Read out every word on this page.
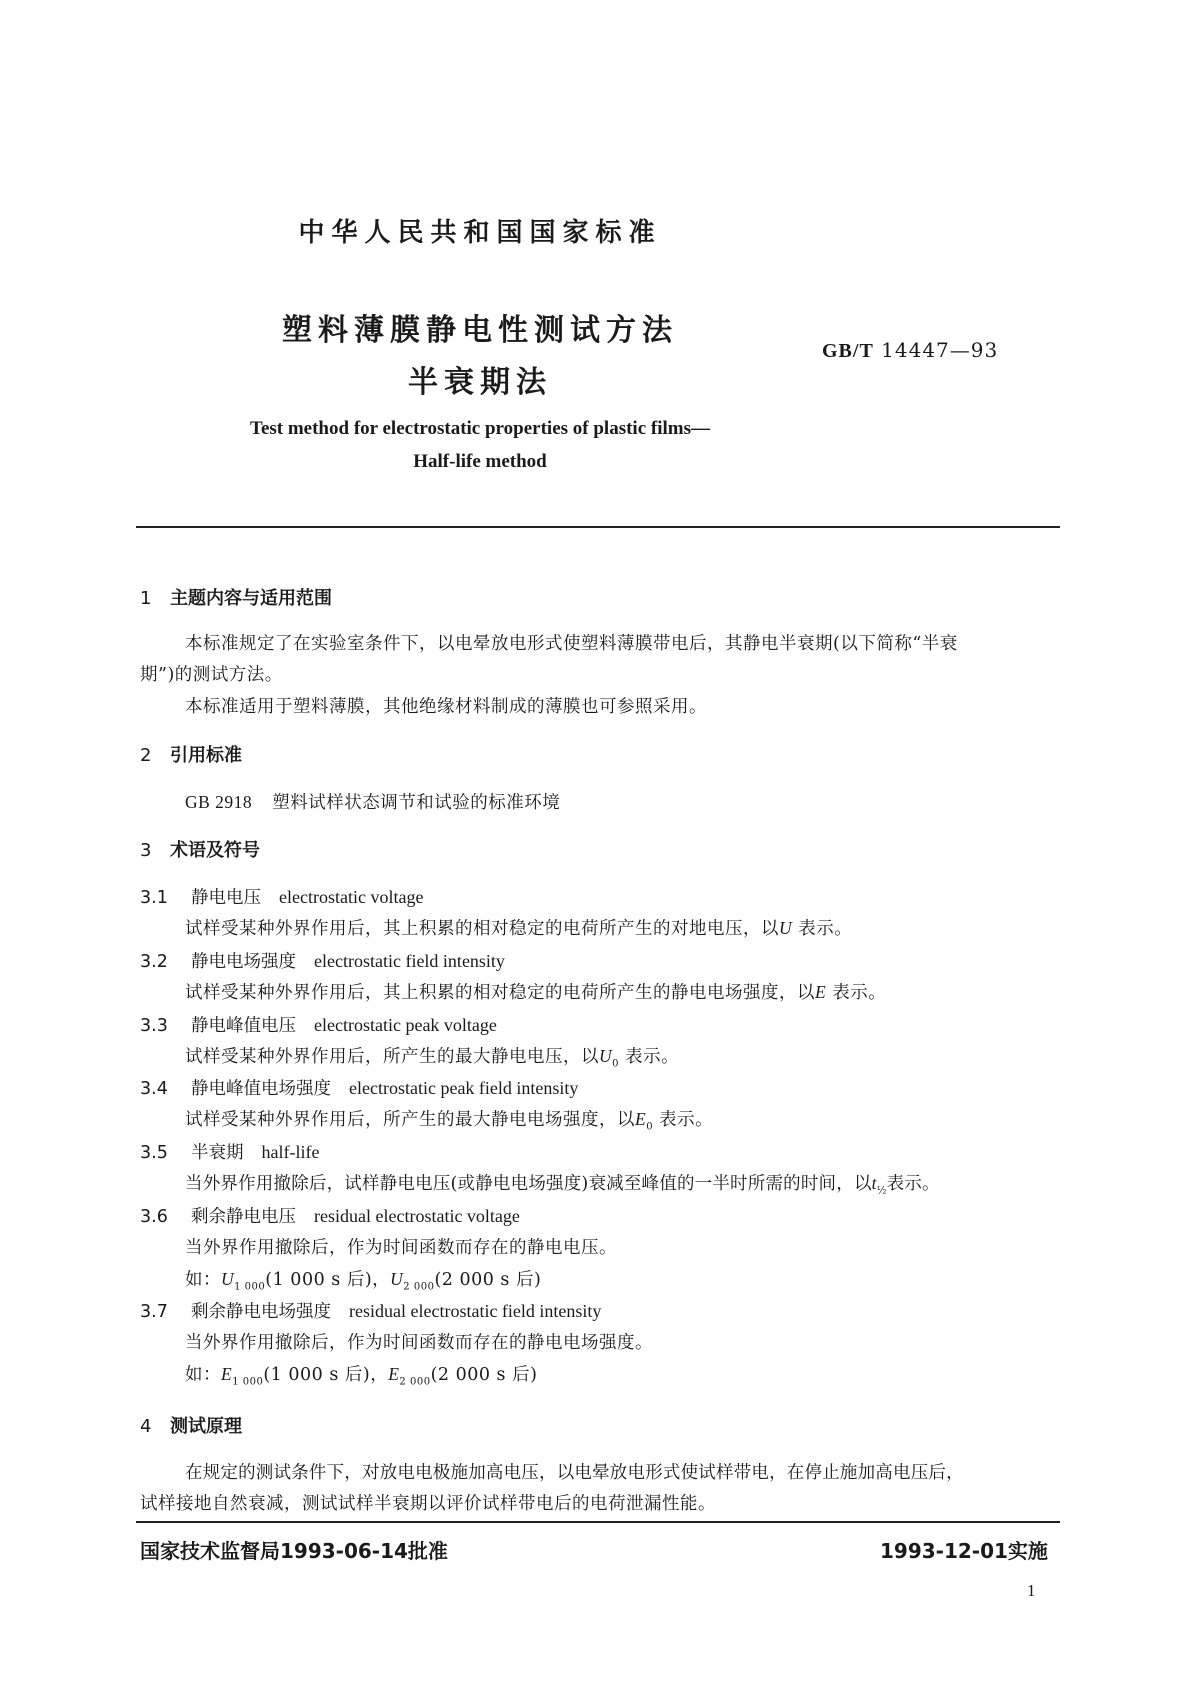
中华人民共和国国家标准
塑料薄膜静电性测试方法
半衰期法
GB/T 14447—93
Test method for electrostatic properties of plastic films—
Half-life method
1 主题内容与适用范围
本标准规定了在实验室条件下，以电晕放电形式使塑料薄膜带电后，其静电半衰期(以下简称“半衰
期”)的测试方法。
本标准适用于塑料薄膜，其他绝缘材料制成的薄膜也可参照采用。
2 引用标准
GB 2918 塑料试样状态调节和试验的标准环境
3 术语及符号
3.1 静电电压 electrostatic voltage
试样受某种外界作用后，其上积累的相对稳定的电荷所产生的对地电压，以U 表示。
3.2 静电电场强度 electrostatic field intensity
试样受某种外界作用后，其上积累的相对稳定的电荷所产生的静电电场强度，以E 表示。
3.3 静电峰值电压 electrostatic peak voltage
试样受某种外界作用后，所产生的最大静电电压，以$U_0$ 表示。
3.4 静电峰值电场强度 electrostatic peak field intensity
试样受某种外界作用后，所产生的最大静电电场强度，以$E_0$ 表示。
3.5 半衰期 half-life
当外界作用撤除后，试样静电电压(或静电电场强度)衰减至峰值的一半时所需的时间，以$t_{\frac{1}{2}}$表示。
3.6 剩余静电电压 residual electrostatic voltage
当外界作用撤除后，作为时间函数而存在的静电电压。
如：$U_{1 000}(1$ 000 s 后)，$U_{2 000}(2$ 000 s 后)
3.7 剩余静电电场强度 residual electrostatic field intensity
当外界作用撤除后，作为时间函数而存在的静电电场强度。
如：$E_{1 000}(1$ 000 s 后)，$E_{2 000}(2$ 000 s 后)
4 测试原理
在规定的测试条件下，对放电电极施加高电压，以电晕放电形式使试样带电，在停止施加高电压后，
试样接地自然衰减，测试试样半衰期以评价试样带电后的电荷泄漏性能。
国家技术监督局1993-06-14批准	1993-12-01实施
1
